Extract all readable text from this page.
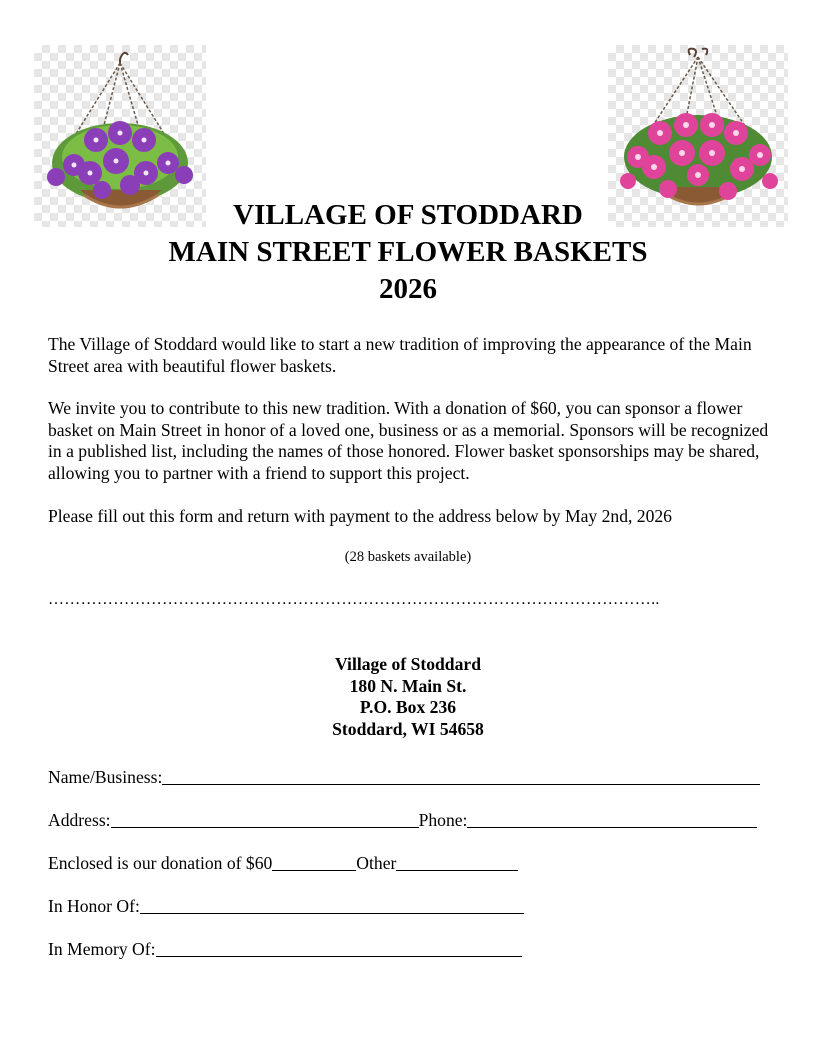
VILLAGE OF STODDARD
MAIN STREET FLOWER BASKETS
2026
The Village of Stoddard would like to start a new tradition of improving the appearance of the Main Street area with beautiful flower baskets.
We invite you to contribute to this new tradition. With a donation of $60, you can sponsor a flower basket on Main Street in honor of a loved one, business or as a memorial. Sponsors will be recognized in a published list, including the names of those honored. Flower basket sponsorships may be shared, allowing you to partner with a friend to support this project.
Please fill out this form and return with payment to the address below by May 2nd, 2026
(28 baskets available)
…………………………………………………………………………………………………..
Village of Stoddard
180 N. Main St.
P.O. Box 236
Stoddard, WI 54658
Name/Business:
Address:	Phone:
Enclosed is our donation of $60	Other
In Honor Of:
In Memory Of:
